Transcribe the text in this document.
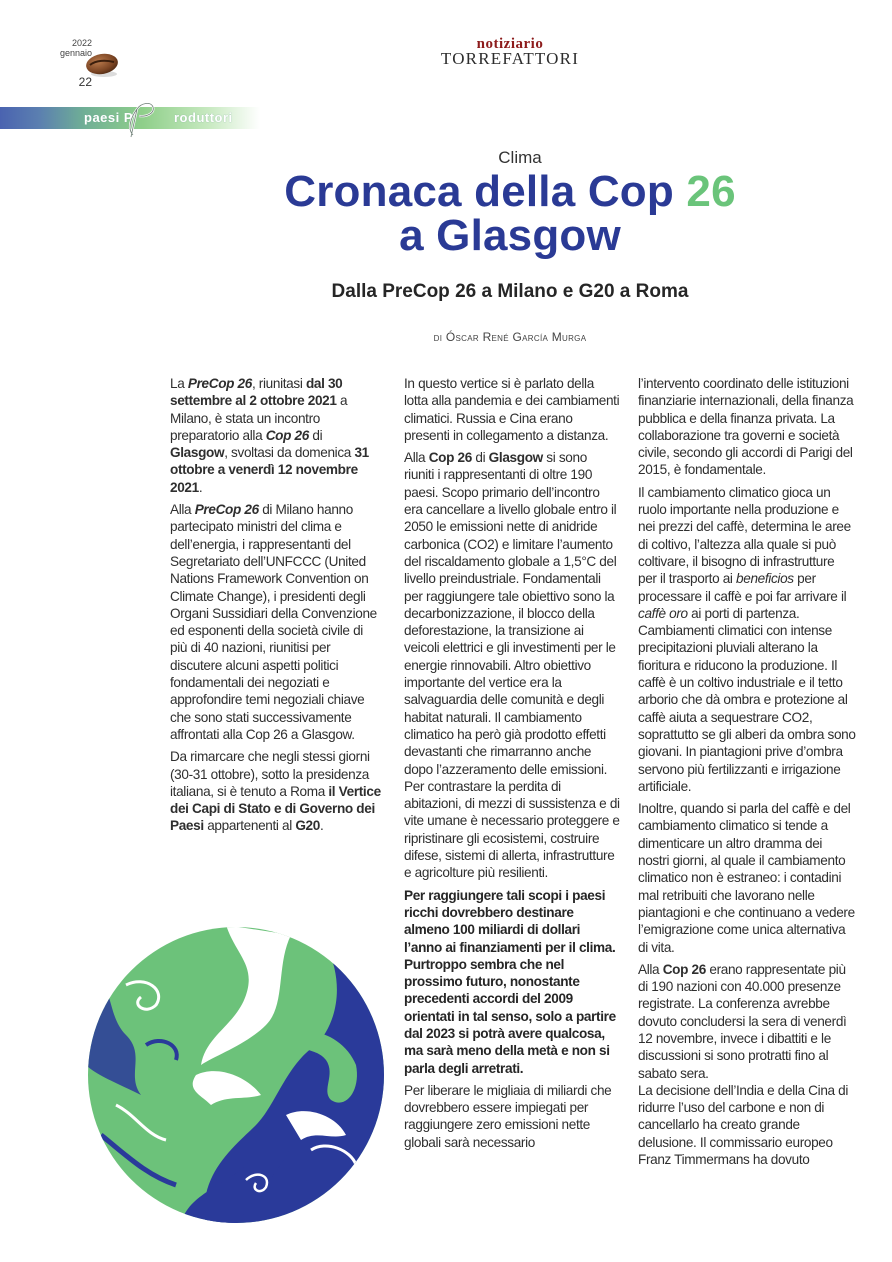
2022
gennaio
22
notiziario
TORREFATTORI
paesi P	roduttori
Clima
Cronaca della Cop 26
a Glasgow
Dalla PreCop 26 a Milano e G20 a Roma
di Óscar René García Murga

La PreCop 26, riunitasi dal 30 settembre al 2 ottobre 2021 a Milano, è stata un incontro preparatorio alla Cop 26 di Glasgow, svoltasi da domenica 31 ottobre a venerdì 12 novembre 2021.

Alla PreCop 26 di Milano hanno partecipato ministri del clima e dell’energia, i rappresentanti del Segretariato dell’UNFCCC (United Nations Framework Convention on Climate Change), i presidenti degli Organi Sussidiari della Convenzione ed esponenti della società civile di più di 40 nazioni, riunitisi per discutere alcuni aspetti politici fondamentali dei negoziati e approfondire temi negoziali chiave che sono stati successivamente affrontati alla Cop 26 a Glasgow.

Da rimarcare che negli stessi giorni (30-31 ottobre), sotto la presidenza italiana, si è tenuto a Roma il Vertice dei Capi di Stato e di Governo dei Paesi appartenenti al G20.

In questo vertice si è parlato della lotta alla pandemia e dei cambiamenti climatici. Russia e Cina erano presenti in collegamento a distanza.

Alla Cop 26 di Glasgow si sono riuniti i rappresentanti di oltre 190 paesi. Scopo primario dell’incontro era cancellare a livello globale entro il 2050 le emissioni nette di anidride carbonica (CO2) e limitare l’aumento del riscaldamento globale a 1,5°C del livello preindustriale. Fondamentali per raggiungere tale obiettivo sono la decarbonizzazione, il blocco della deforestazione, la transizione ai veicoli elettrici e gli investimenti per le energie rinnovabili. Altro obiettivo importante del vertice era la salvaguardia delle comunità e degli habitat naturali. Il cambiamento climatico ha però già prodotto effetti devastanti che rimarranno anche dopo l’azzeramento delle emissioni. Per contrastare la perdita di abitazioni, di mezzi di sussistenza e di vite umane è necessario proteggere e ripristinare gli ecosistemi, costruire difese, sistemi di allerta, infrastrutture e agricolture più resilienti.

Per raggiungere tali scopi i paesi ricchi dovrebbero destinare almeno 100 miliardi di dollari l’anno ai finanziamenti per il clima. Purtroppo sembra che nel prossimo futuro, nonostante precedenti accordi del 2009 orientati in tal senso, solo a partire dal 2023 si potrà avere qualcosa, ma sarà meno della metà e non si parla degli arretrati.

Per liberare le migliaia di miliardi che dovrebbero essere impiegati per raggiungere zero emissioni nette globali sarà necessario

l’intervento coordinato delle istituzioni finanziarie internazionali, della finanza pubblica e della finanza privata. La collaborazione tra governi e società civile, secondo gli accordi di Parigi del 2015, è fondamentale.

Il cambiamento climatico gioca un ruolo importante nella produzione e nei prezzi del caffè, determina le aree di coltivo, l’altezza alla quale si può coltivare, il bisogno di infrastrutture per il trasporto ai beneficios per processare il caffè e poi far arrivare il caffè oro ai porti di partenza. Cambiamenti climatici con intense precipitazioni pluviali alterano la fioritura e riducono la produzione. Il caffè è un coltivo industriale e il tetto arborio che dà ombra e protezione al caffè aiuta a sequestrare CO2, soprattutto se gli alberi da ombra sono giovani. In piantagioni prive d’ombra servono più fertilizzanti e irrigazione artificiale.

Inoltre, quando si parla del caffè e del cambiamento climatico si tende a dimenticare un altro dramma dei nostri giorni, al quale il cambiamento climatico non è estraneo: i contadini mal retribuiti che lavorano nelle piantagioni e che continuano a vedere l’emigrazione come unica alternativa di vita.

Alla Cop 26 erano rappresentate più di 190 nazioni con 40.000 presenze registrate. La conferenza avrebbe dovuto concludersi la sera di venerdì 12 novembre, invece i dibattiti e le discussioni si sono protratti fino al sabato sera.

La decisione dell’India e della Cina di ridurre l’uso del carbone e non di cancellarlo ha creato grande delusione. Il commissario europeo Franz Timmermans ha dovuto
